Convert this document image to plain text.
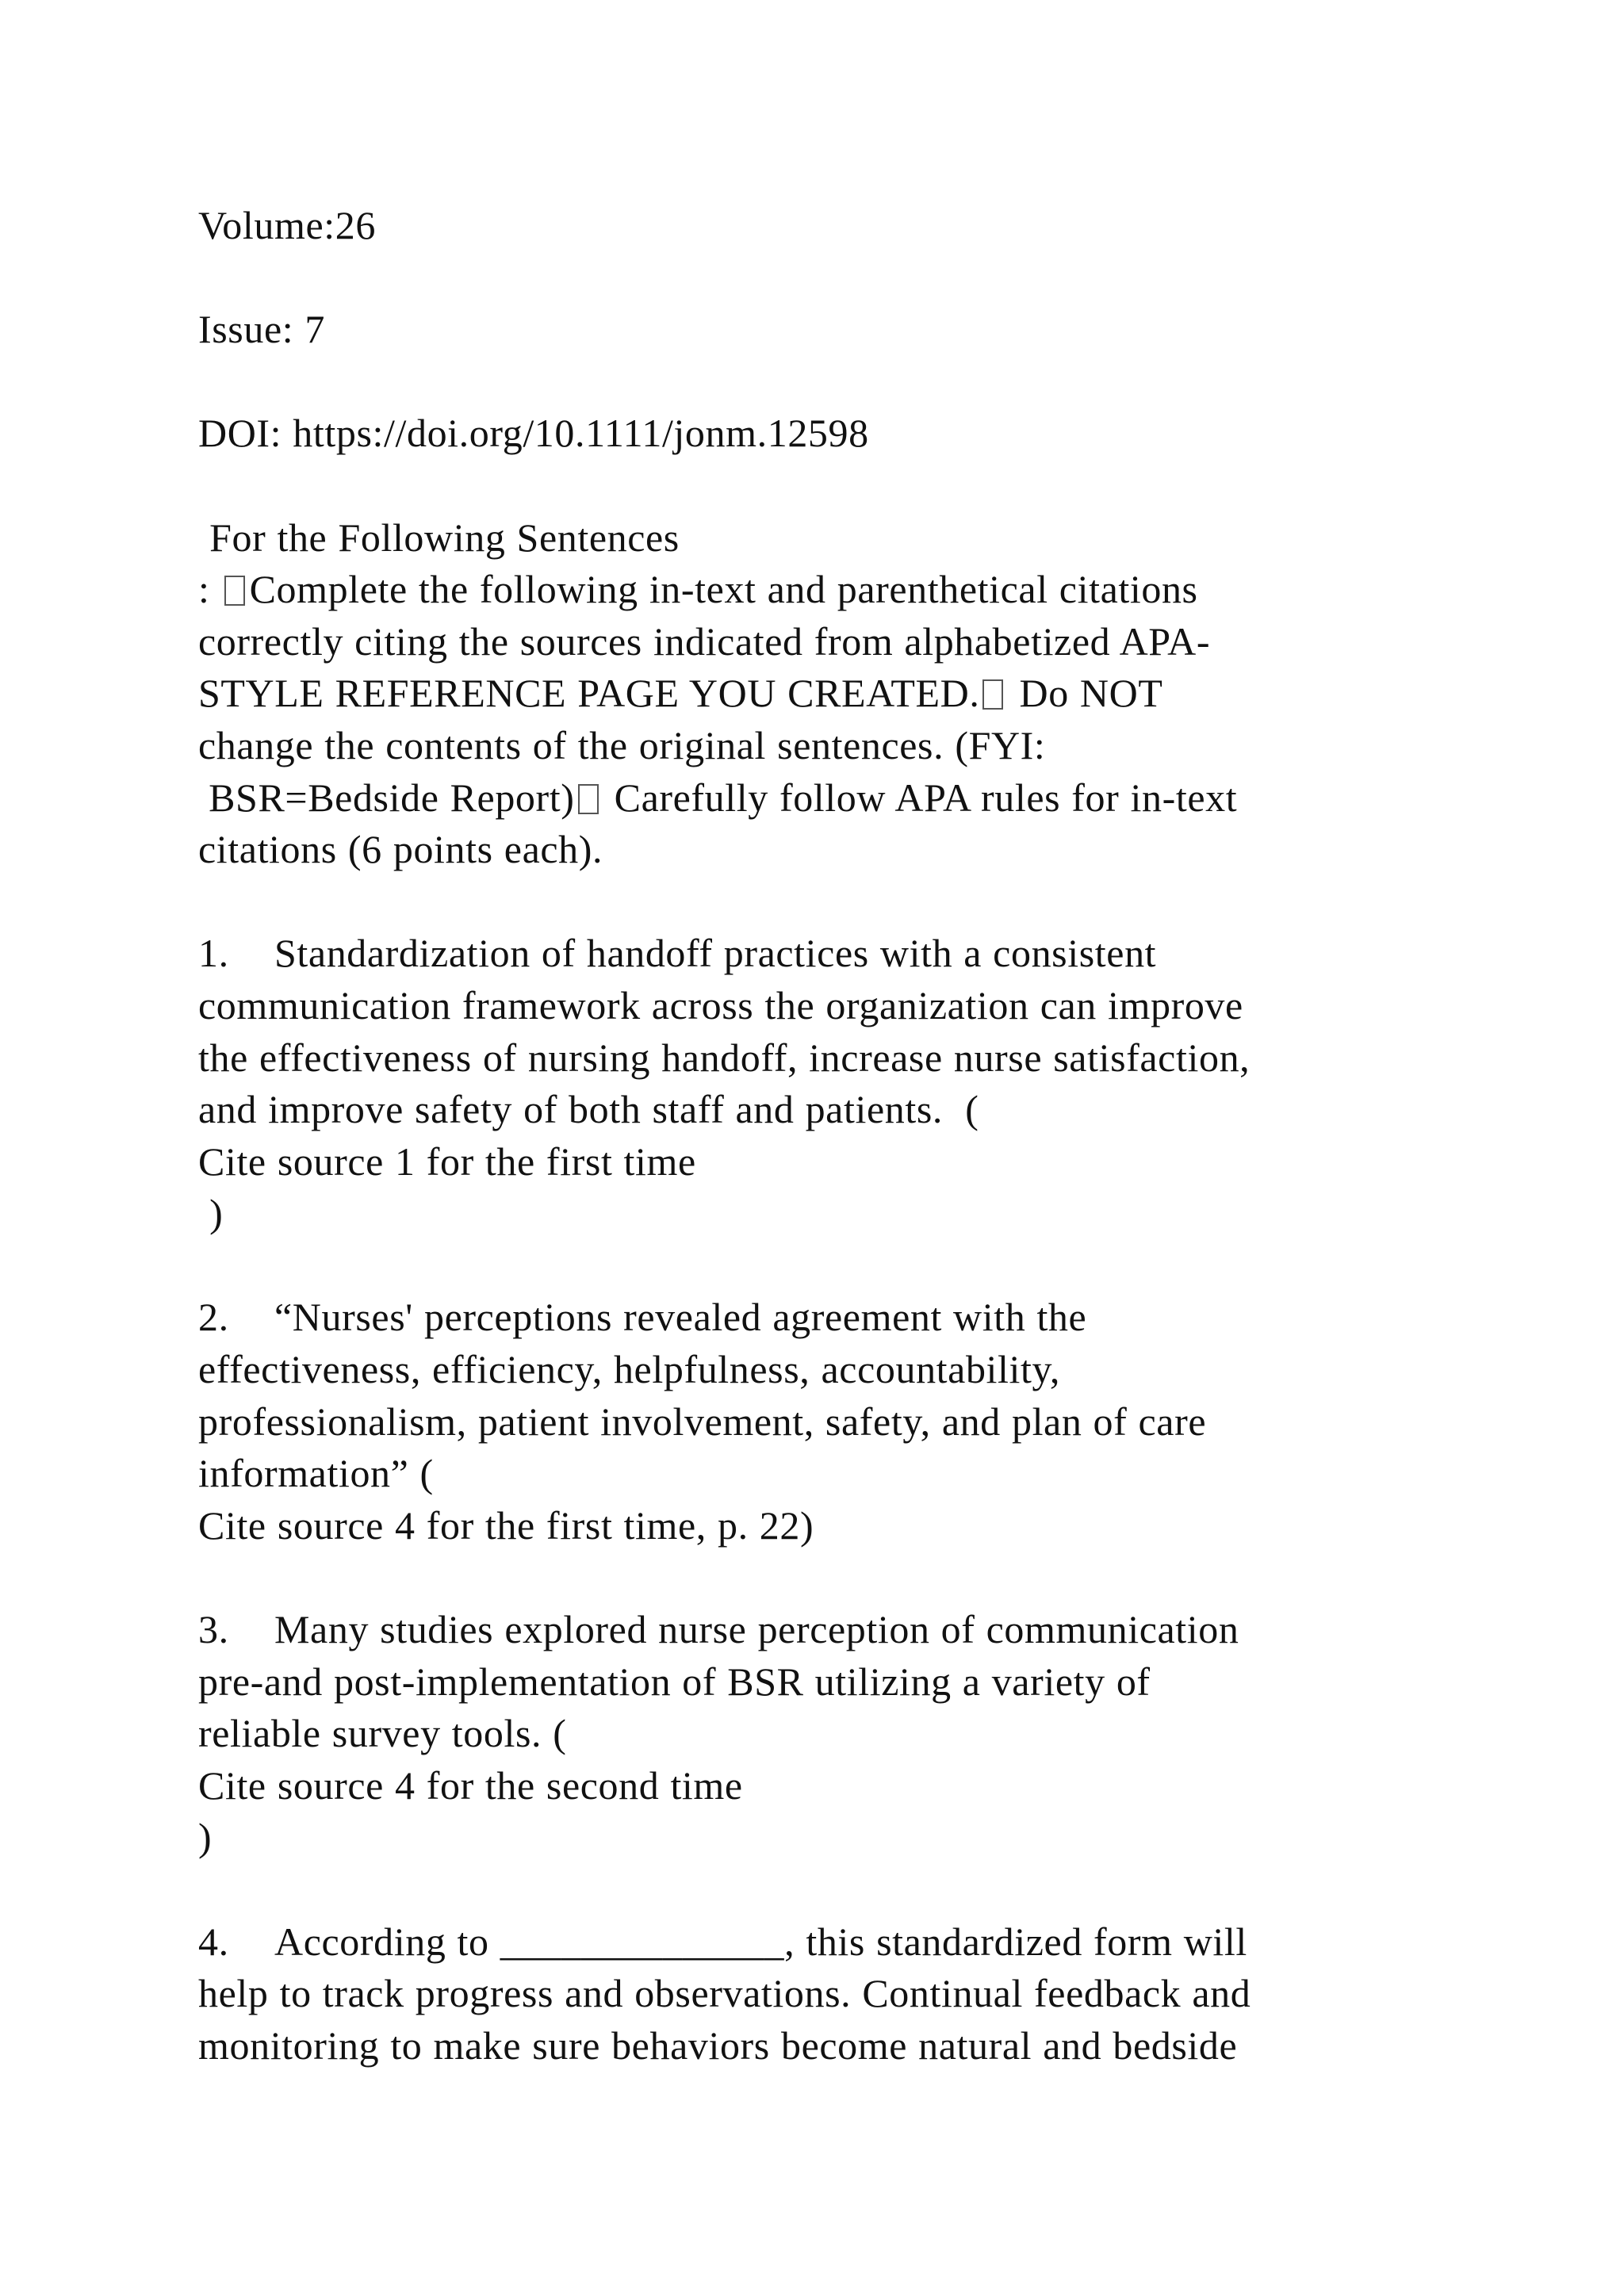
Volume:26

Issue: 7

DOI: https://doi.org/10.1111/jonm.12598

For the Following Sentences

: Complete the following in-text and parenthetical citations

correctly citing the sources indicated from alphabetized APA-

STYLE REFERENCE PAGE YOU CREATED. Do NOT

change the contents of the original sentences. (FYI:

BSR=Bedside Report) Carefully follow APA rules for in-text

citations (6 points each).

1. Standardization of handoff practices with a consistent

communication framework across the organization can improve

the effectiveness of nursing handoff, increase nurse satisfaction,

and improve safety of both staff and patients.  (

Cite source 1 for the first time

)

2. “Nurses' perceptions revealed agreement with the

effectiveness, efficiency, helpfulness, accountability,

professionalism, patient involvement, safety, and plan of care

information” (

Cite source 4 for the first time, p. 22)

3. Many studies explored nurse perception of communication

pre-and post-implementation of BSR utilizing a variety of

reliable survey tools. (

Cite source 4 for the second time

)

4. According to ______________, this standardized form will

help to track progress and observations. Continual feedback and

monitoring to make sure behaviors become natural and bedside
